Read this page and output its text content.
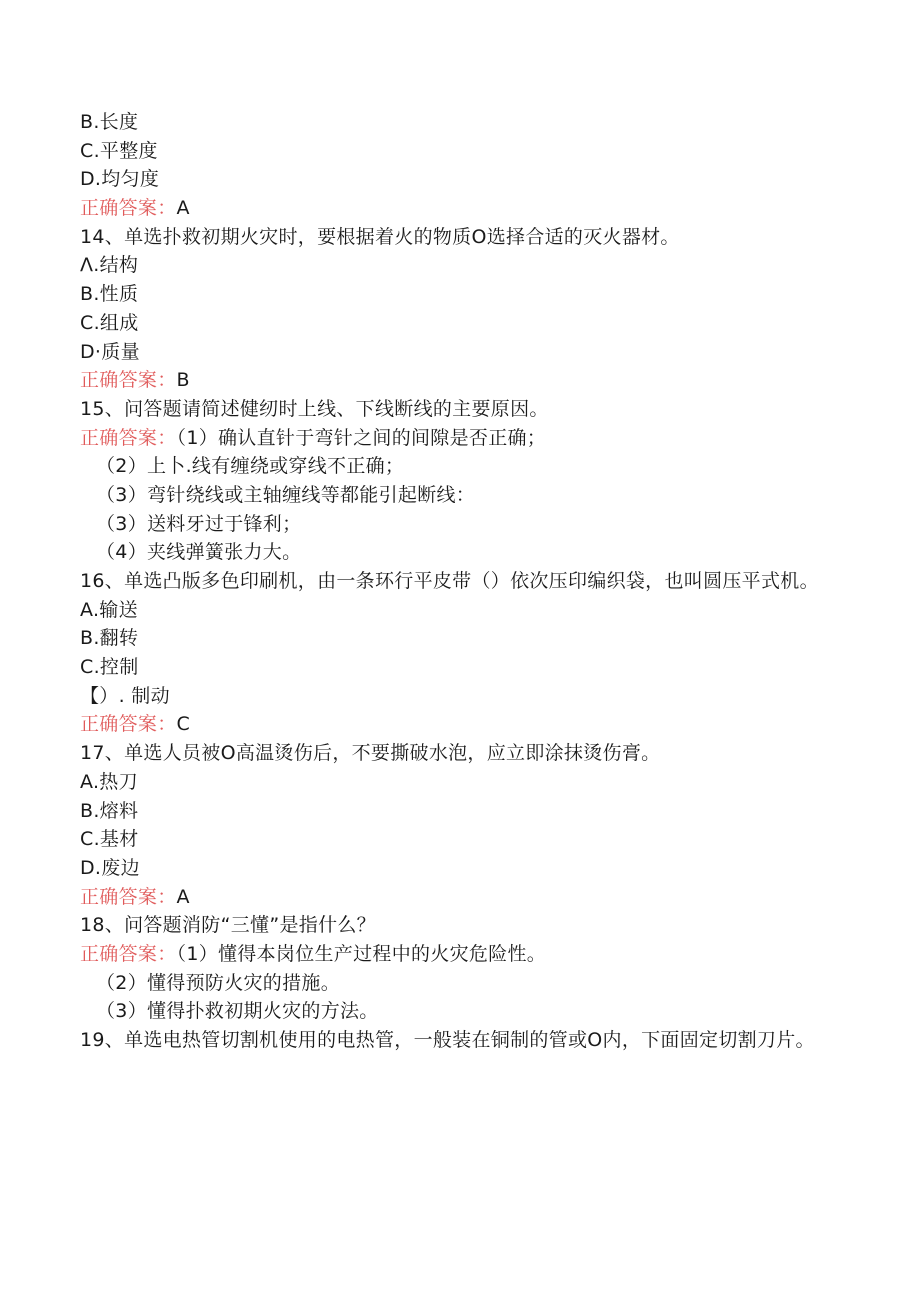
B.长度
C.平整度
D.均匀度
正确答案：A
14、单选扑救初期火灾时，要根据着火的物质O选择合适的灭火器材。
Λ.结构
B.性质
C.组成
D·质量
正确答案：B
15、问答题请简述健纫时上线、下线断线的主要原因。
正确答案：（1）确认直针于弯针之间的间隙是否正确；
（2）上卜.线有缠绕或穿线不正确；
（3）弯针绕线或主轴缠线等都能引起断线：
（3）送料牙过于锋利；
（4）夹线弹簧张力大。
16、单选凸版多色印刷机，由一条环行平皮带（）依次压印编织袋，也叫圆压平式机。
A.输送
B.翻转
C.控制
【）. 制动
正确答案：C
17、单选人员被O高温烫伤后，不要撕破水泡，应立即涂抹烫伤膏。
A.热刀
B.熔料
C.基材
D.废边
正确答案：A
18、问答题消防“三懂”是指什么？
正确答案：（1）懂得本岗位生产过程中的火灾危险性。
（2）懂得预防火灾的措施。
（3）懂得扑救初期火灾的方法。
19、单选电热管切割机使用的电热管，一般装在铜制的管或O内，下面固定切割刀片。
